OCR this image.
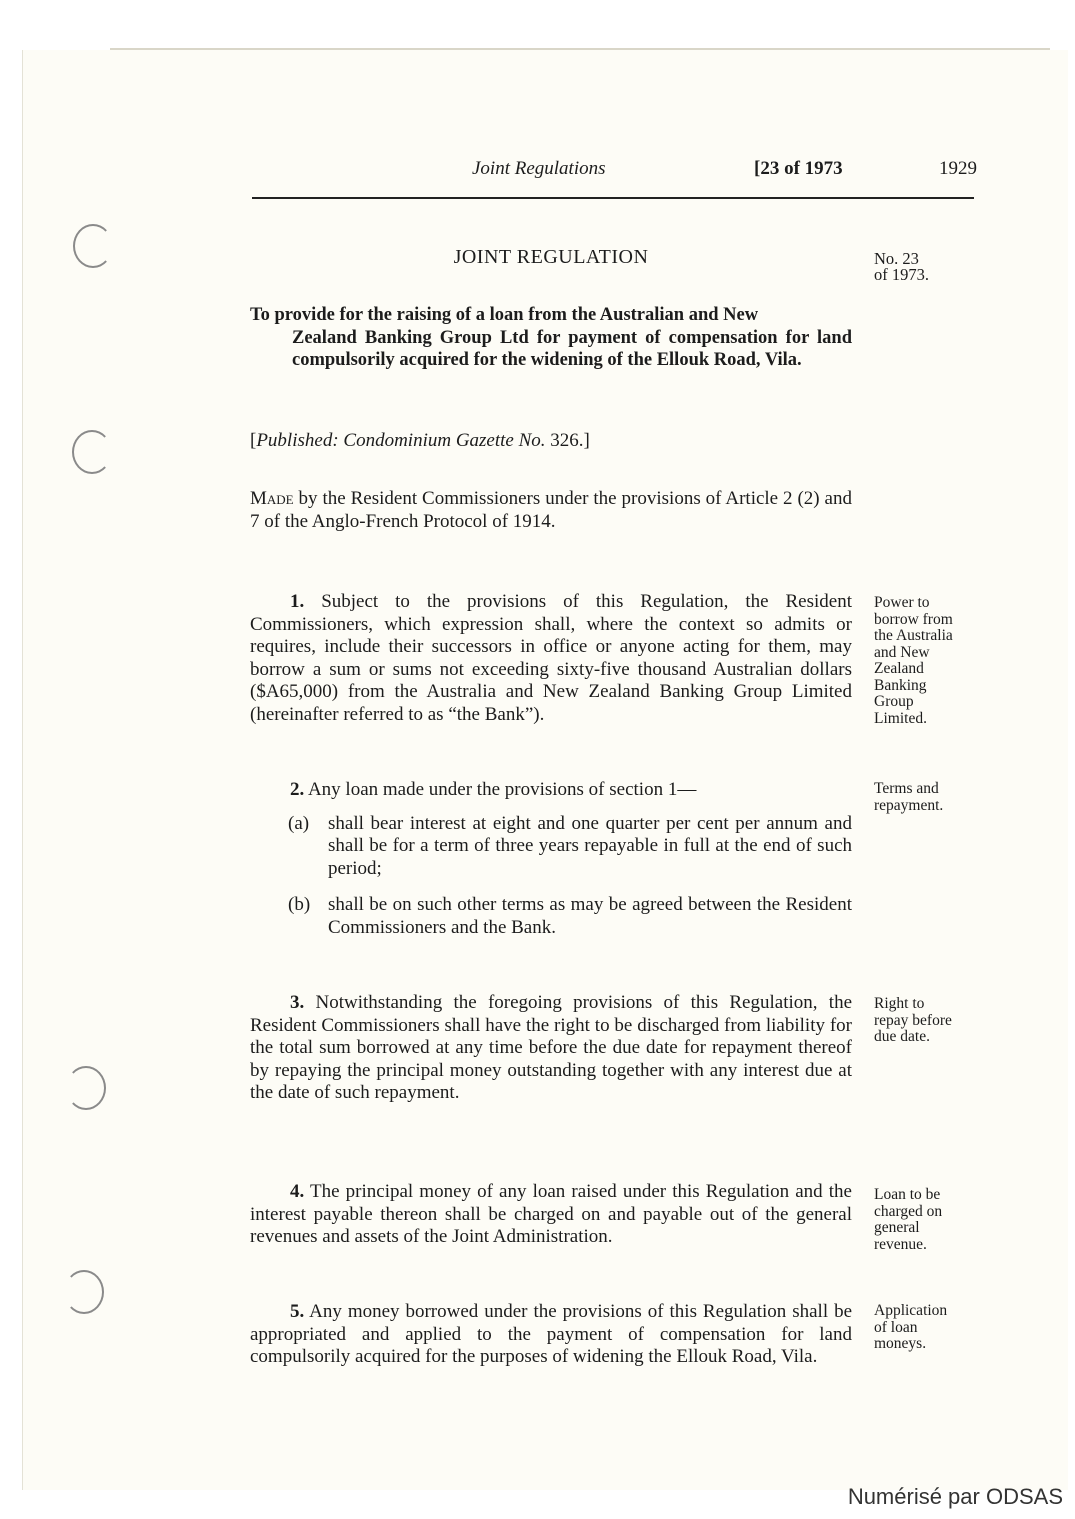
Joint Regulations	[23 of 1973	1929
JOINT REGULATION	No. 23
of 1973.
To provide for the raising of a loan from the Australian and New
Zealand Banking Group Ltd for payment of compensation for land compulsorily acquired for the widening of the Ellouk Road, Vila.
[Published: Condominium Gazette No. 326.]
Made by the Resident Commissioners under the provisions of Article 2 (2) and 7 of the Anglo-French Protocol of 1914.
1. Subject to the provisions of this Regulation, the Resident Commissioners, which expression shall, where the context so admits or requires, include their successors in office or anyone acting for them, may borrow a sum or sums not exceeding sixty-five thousand Australian dollars ($A65,000) from the Australia and New Zealand Banking Group Limited (hereinafter referred to as “the Bank”).
Power to
borrow from
the Australia
and New
Zealand
Banking
Group
Limited.
2. Any loan made under the provisions of section 1—
(a) shall bear interest at eight and one quarter per cent per annum and shall be for a term of three years repayable in full at the end of such period;
(b) shall be on such other terms as may be agreed between the Resident Commissioners and the Bank.
Terms and
repayment.
3. Notwithstanding the foregoing provisions of this Regulation, the Resident Commissioners shall have the right to be discharged from liability for the total sum borrowed at any time before the due date for repayment thereof by repaying the principal money outstanding together with any interest due at the date of such repayment.
Right to
repay before
due date.
4. The principal money of any loan raised under this Regulation and the interest payable thereon shall be charged on and payable out of the general revenues and assets of the Joint Administration.
Loan to be
charged on
general
revenue.
5. Any money borrowed under the provisions of this Regulation shall be appropriated and applied to the payment of compensation for land compulsorily acquired for the purposes of widening the Ellouk Road, Vila.
Application
of loan
moneys.
Numérisé par ODSAS
